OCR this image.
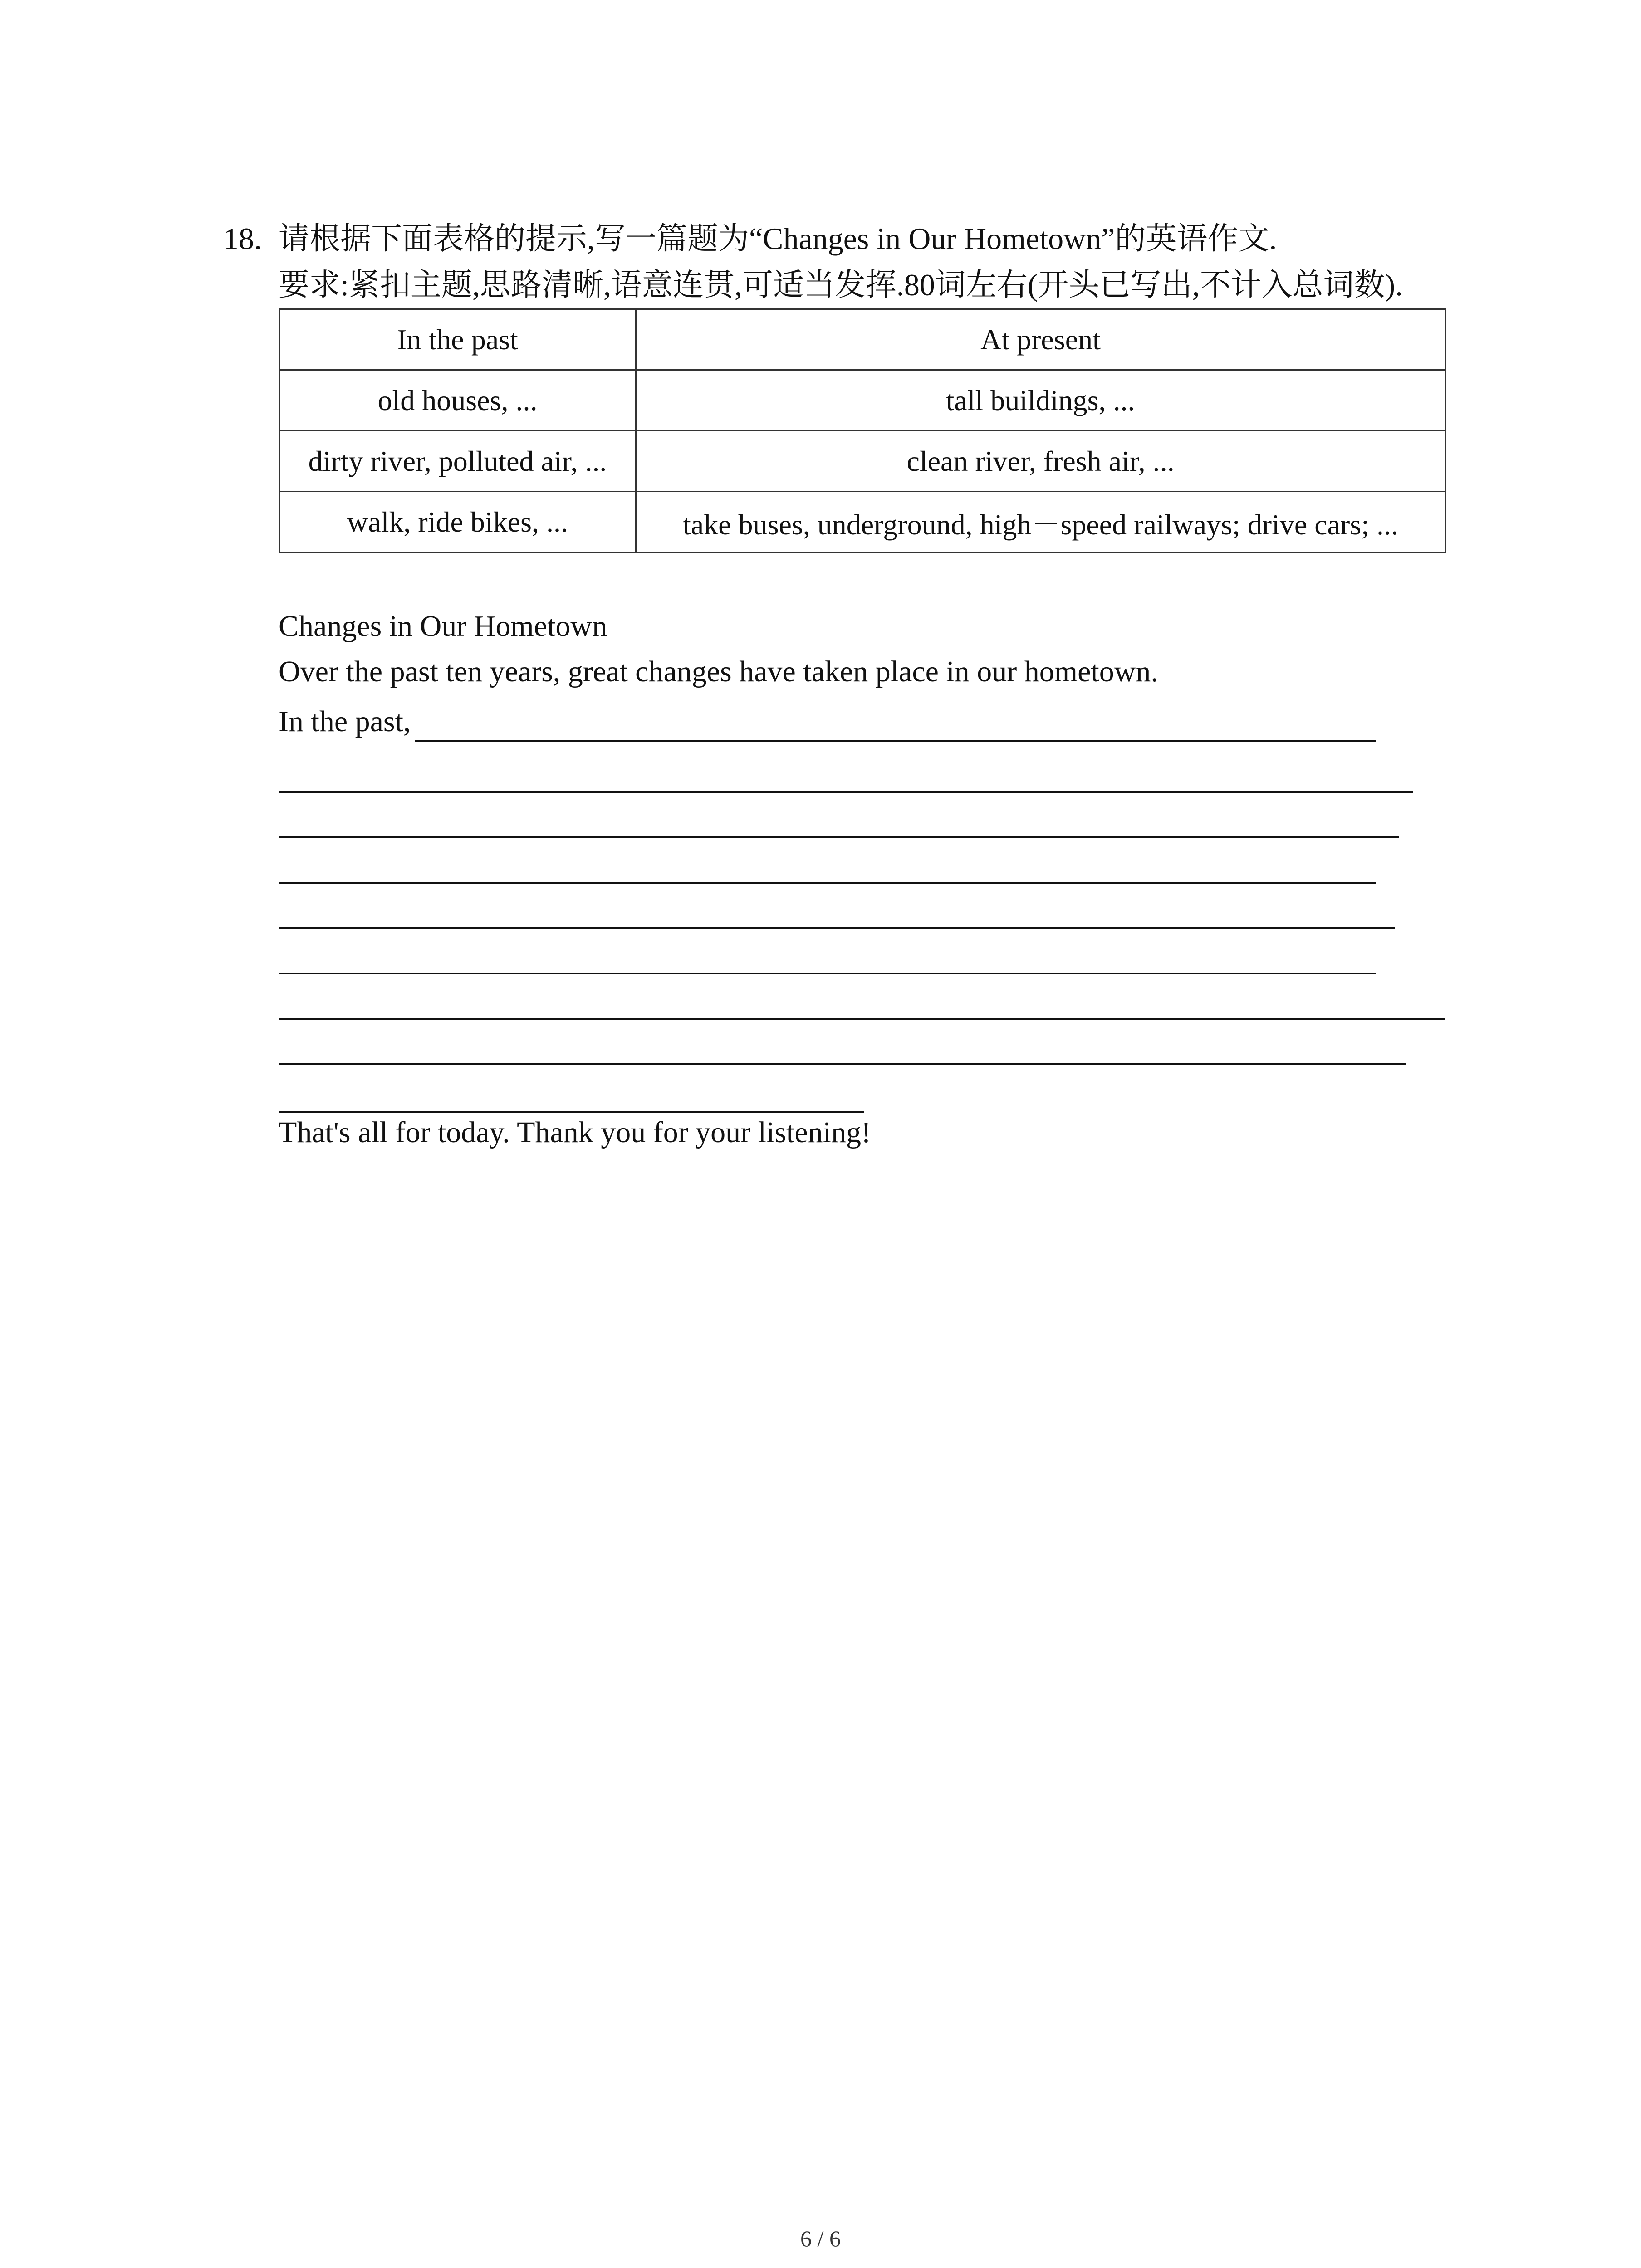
18. 请根据下面表格的提示,写一篇题为“Changes in Our Hometown”的英语作文.
要求:紧扣主题,思路清晰,语意连贯,可适当发挥.80词左右(开头已写出,不计入总词数).
In the past	At present
old houses, ...	tall buildings, ...
dirty river, polluted air, ...	clean river, fresh air, ...
walk, ride bikes, ...	take buses, underground, high－speed railways; drive cars; ...
Changes in Our Hometown
Over the past ten years, great changes have taken place in our hometown.
In the past,
That's all for today. Thank you for your listening!
6 / 6
